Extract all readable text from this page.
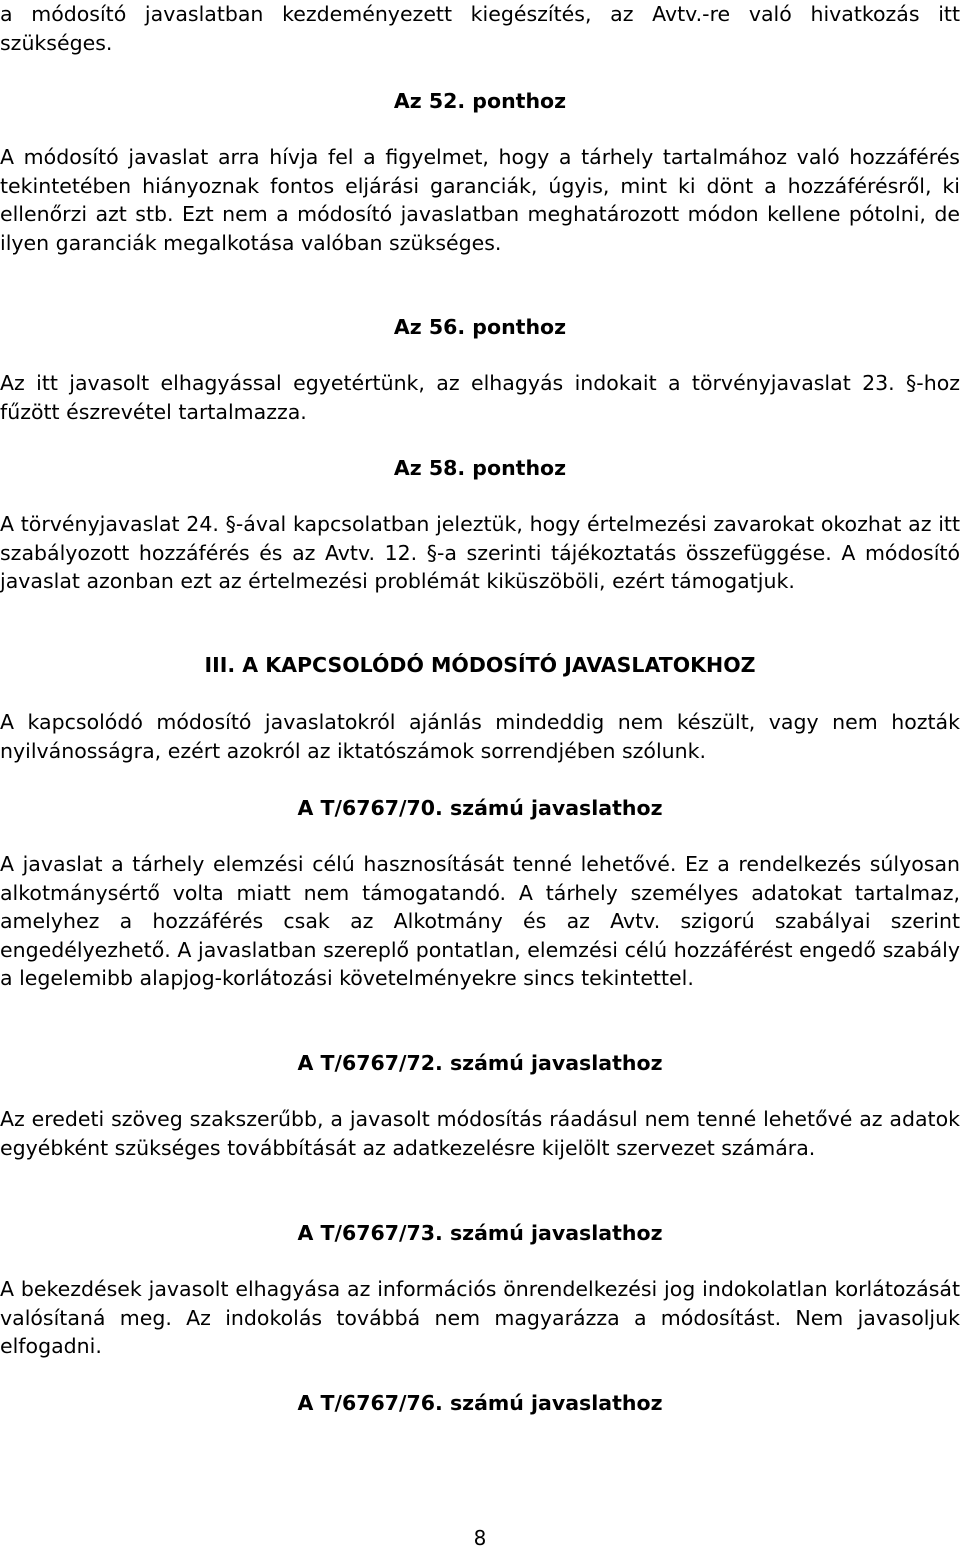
a módosító javaslatban kezdeményezett kiegészítés, az Avtv.-re való hivatkozás itt szükséges.

Az 52. ponthoz

A módosító javaslat arra hívja fel a figyelmet, hogy a tárhely tartalmához való hozzáférés tekintetében hiányoznak fontos eljárási garanciák, úgyis, mint ki dönt a hozzáférésről, ki ellenőrzi azt stb. Ezt nem a módosító javaslatban meghatározott módon kellene pótolni, de ilyen garanciák megalkotása valóban szükséges.

Az 56. ponthoz

Az itt javasolt elhagyással egyetértünk, az elhagyás indokait a törvényjavaslat 23. §-hoz fűzött észrevétel tartalmazza.

Az 58. ponthoz

A törvényjavaslat 24. §-ával kapcsolatban jeleztük, hogy értelmezési zavarokat okozhat az itt szabályozott hozzáférés és az Avtv. 12. §-a szerinti tájékoztatás összefüggése. A módosító javaslat azonban ezt az értelmezési problémát kiküszöböli, ezért támogatjuk.

III. A KAPCSOLÓDÓ MÓDOSÍTÓ JAVASLATOKHOZ

A kapcsolódó módosító javaslatokról ajánlás mindeddig nem készült, vagy nem hozták nyilvánosságra, ezért azokról az iktatószámok sorrendjében szólunk.

A T/6767/70. számú javaslathoz

A javaslat a tárhely elemzési célú hasznosítását tenné lehetővé. Ez a rendelkezés súlyosan alkotmánysértő volta miatt nem támogatandó. A tárhely személyes adatokat tartalmaz, amelyhez a hozzáférés csak az Alkotmány és az Avtv. szigorú szabályai szerint engedélyezhető. A javaslatban szereplő pontatlan, elemzési célú hozzáférést engedő szabály a legelemibb alapjog-korlátozási követelményekre sincs tekintettel.

A T/6767/72. számú javaslathoz

Az eredeti szöveg szakszerűbb, a javasolt módosítás ráadásul nem tenné lehetővé az adatok egyébként szükséges továbbítását az adatkezelésre kijelölt szervezet számára.

A T/6767/73. számú javaslathoz

A bekezdések javasolt elhagyása az információs önrendelkezési jog indokolatlan korlátozását valósítaná meg. Az indokolás továbbá nem magyarázza a módosítást. Nem javasoljuk elfogadni.

A T/6767/76. számú javaslathoz
8
